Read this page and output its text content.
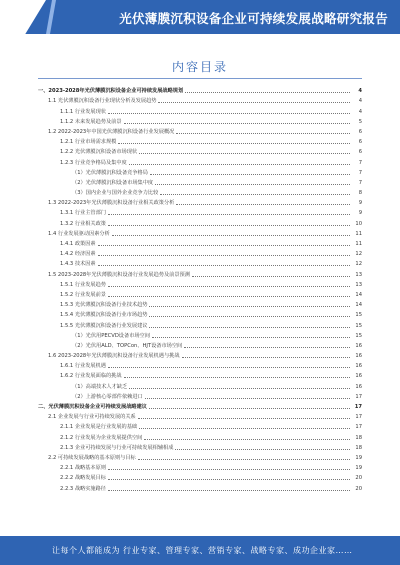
光伏薄膜沉积设备企业可持续发展战略研究报告
内容目录
一、2023-2028年光伏薄膜沉积设备企业可持续发展战略规划	4
1.1 光伏薄膜沉积设备行业现状分析及发展趋势	4
1.1.1 行业发展现状	4
1.1.2 未来发展趋势及前景	5
1.2 2022-2023年中国光伏薄膜沉积设备行业发展概况	6
1.2.1 行业市场需求规模	6
1.2.2 光伏薄膜沉积设备市场现状	6
1.2.3 行业竞争格局及集中度	7
（1）光伏薄膜沉积设备竞争格局	7
（2）光伏薄膜沉积设备市场集中度	7
（3）国内企业与国外企业竞争力比较	8
1.3 2022-2023年光伏薄膜沉积设备行业相关政策分析	9
1.3.1 行业主管部门	9
1.3.2 行业相关政策	10
1.4 行业发展驱动因素分析	11
1.4.1 政策因素	11
1.4.2 经济因素	12
1.4.3 技术因素	12
1.5 2023-2028年光伏薄膜沉积设备行业发展趋势及前景预测	13
1.5.1 行业发展趋势	13
1.5.2 行业发展前景	14
1.5.3 光伏薄膜沉积设备行业技术趋势	14
1.5.4 光伏薄膜沉积设备行业市场趋势	15
1.5.5 光伏薄膜沉积设备行业发展建议	15
（1）光伏用PECVD设备市场空间	15
（2）光伏用ALD、TOPCon、HJT设备市场空间	16
1.6 2023-2028年光伏薄膜沉积设备行业发展机遇与挑战	16
1.6.1 行业发展机遇	16
1.6.2 行业发展面临的挑战	16
（1）高端技术人才缺乏	16
（2）上游核心零部件依赖进口	17
二、光伏薄膜沉积设备企业可持续发展战略建议	17
2.1 企业发展与行业可持续发展的关系	17
2.1.1 企业发展是行业发展的基础	17
2.1.2 行业发展为企业发展提供空间	18
2.1.3 企业可持续发展与行业可持续发展相辅相成	18
2.2 可持续发展战略的基本原则与目标	19
2.2.1 战略基本原则	19
2.2.2 战略发展目标	20
2.2.3 战略实施路径	20
让每个人都能成为 行业专家、管理专家、营销专家、战略专家、成功企业家……
